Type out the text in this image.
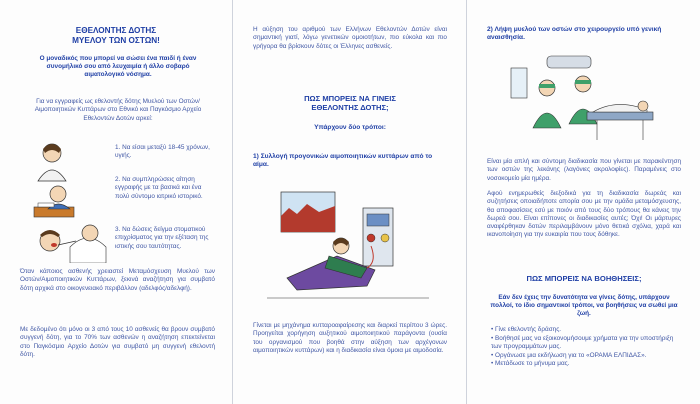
ΕΘΕΛΟΝΤΗΣ ΔΟΤΗΣ
ΜΥΕΛΟΥ ΤΩΝ ΟΣΤΩΝ!
Ο μοναδικός που μπορεί να σώσει ένα παιδί ή έναν συνομήλικό σου από λευχαιμία ή άλλο σοβαρό αιματολογικό νόσημα.
Για να εγγραφείς ως εθελοντής δότης Μυελού των Οστών/Αιμοποιητικών Κυττάρων στο Εθνικό και Παγκόσμιο Αρχείο Εθελοντών Δοτών αρκεί:
1. Να είσαι μεταξύ 18-45 χρόνων, υγιής.
2. Να συμπληρώσεις αίτηση εγγραφής με τα βασικά και ένα πολύ σύντομο ιατρικό ιστορικό.
3. Να δώσεις δείγμα στοματικού επιχρίσματος για την εξέταση της ιστικής σου ταυτότητας.
Όταν κάποιος ασθενής χρειαστεί Μεταμόσχευση Μυελού των Οστών/Αιμοποιητικών Κυττάρων, ξεκινά αναζήτηση για συμβατό δότη αρχικά στο οικογενειακό περιβάλλον (αδελφός/αδελφή).
Με δεδομένο ότι μόνο οι 3 από τους 10 ασθενείς θα βρουν συμβατό συγγενή δότη, για το 70% των ασθενών η αναζήτηση επεκτείνεται στο Παγκόσμιο Αρχείο Δοτών για συμβατό μη συγγενή εθελοντή δότη.
Η αύξηση του αριθμού των Ελλήνων Εθελοντών Δοτών είναι σημαντική γιατί, λόγω γενετικών ομοιοτήτων, πιο εύκολα και πιο γρήγορα θα βρίσκουν δότες οι Έλληνες ασθενείς.
ΠΩΣ ΜΠΟΡΕΙΣ ΝΑ ΓΙΝΕΙΣ
ΕΘΕΛΟΝΤΗΣ ΔΟΤΗΣ;
Υπάρχουν δύο τρόποι:
1) Συλλογή προγονικών αιμοποιητικών κυττάρων από το αίμα.
Γίνεται με μηχάνημα κυτταροαφαίρεσης και διαρκεί περίπου 3 ώρες. Προηγείται χορήγηση αυξητικού αιμοποιητικού παράγοντα (ουσία του οργανισμού που βοηθά στην αύξηση των αρχέγονων αιμοποιητικών κυττάρων) και η διαδικασία είναι όμοια με αιμοδοσία.
2) Λήψη μυελού των οστών στο χειρουργείο υπό γενική αναισθησία.
Είναι μία απλή και σύντομη διαδικασία που γίνεται με παρακέντηση των οστών της λεκάνης (λαγόνιες ακρολοφίες). Παραμένεις στο νοσοκομείο μία ημέρα.
Αφού ενημερωθείς διεξοδικά για τη διαδικασία δωρεάς και συζητήσεις οποιαδήποτε απορία σου με την ομάδα μεταμόσχευσης, θα αποφασίσεις εσύ με ποιόν από τους δύο τρόπους θα κάνεις την δωρεά σου. Είναι επίπονες οι διαδικασίες αυτές; Όχι! Οι μάρτυρες αναφέρθηκαν δοτών περιλαμβάνουν μόνο θετικά σχόλια, χαρά και ικανοποίηση για την ευκαιρία που τους δόθηκε.
ΠΩΣ ΜΠΟΡΕΙΣ ΝΑ ΒΟΗΘΗΣΕΙΣ;
Εάν δεν έχεις την δυνατότητα να γίνεις δότης, υπάρχουν πολλοί, το ίδιο σημαντικοί τρόποι, να βοηθήσεις να σωθεί μια ζωή.
• Γίνε εθελοντής δράσης.
• Βοήθησέ μας να εξοικονομήσουμε χρήματα για την υποστήριξη των προγραμμάτων μας.
• Οργάνωσε μια εκδήλωση για το «ΟΡΑΜΑ ΕΛΠΙΔΑΣ».
• Μετάδωσε το μήνυμα μας.
